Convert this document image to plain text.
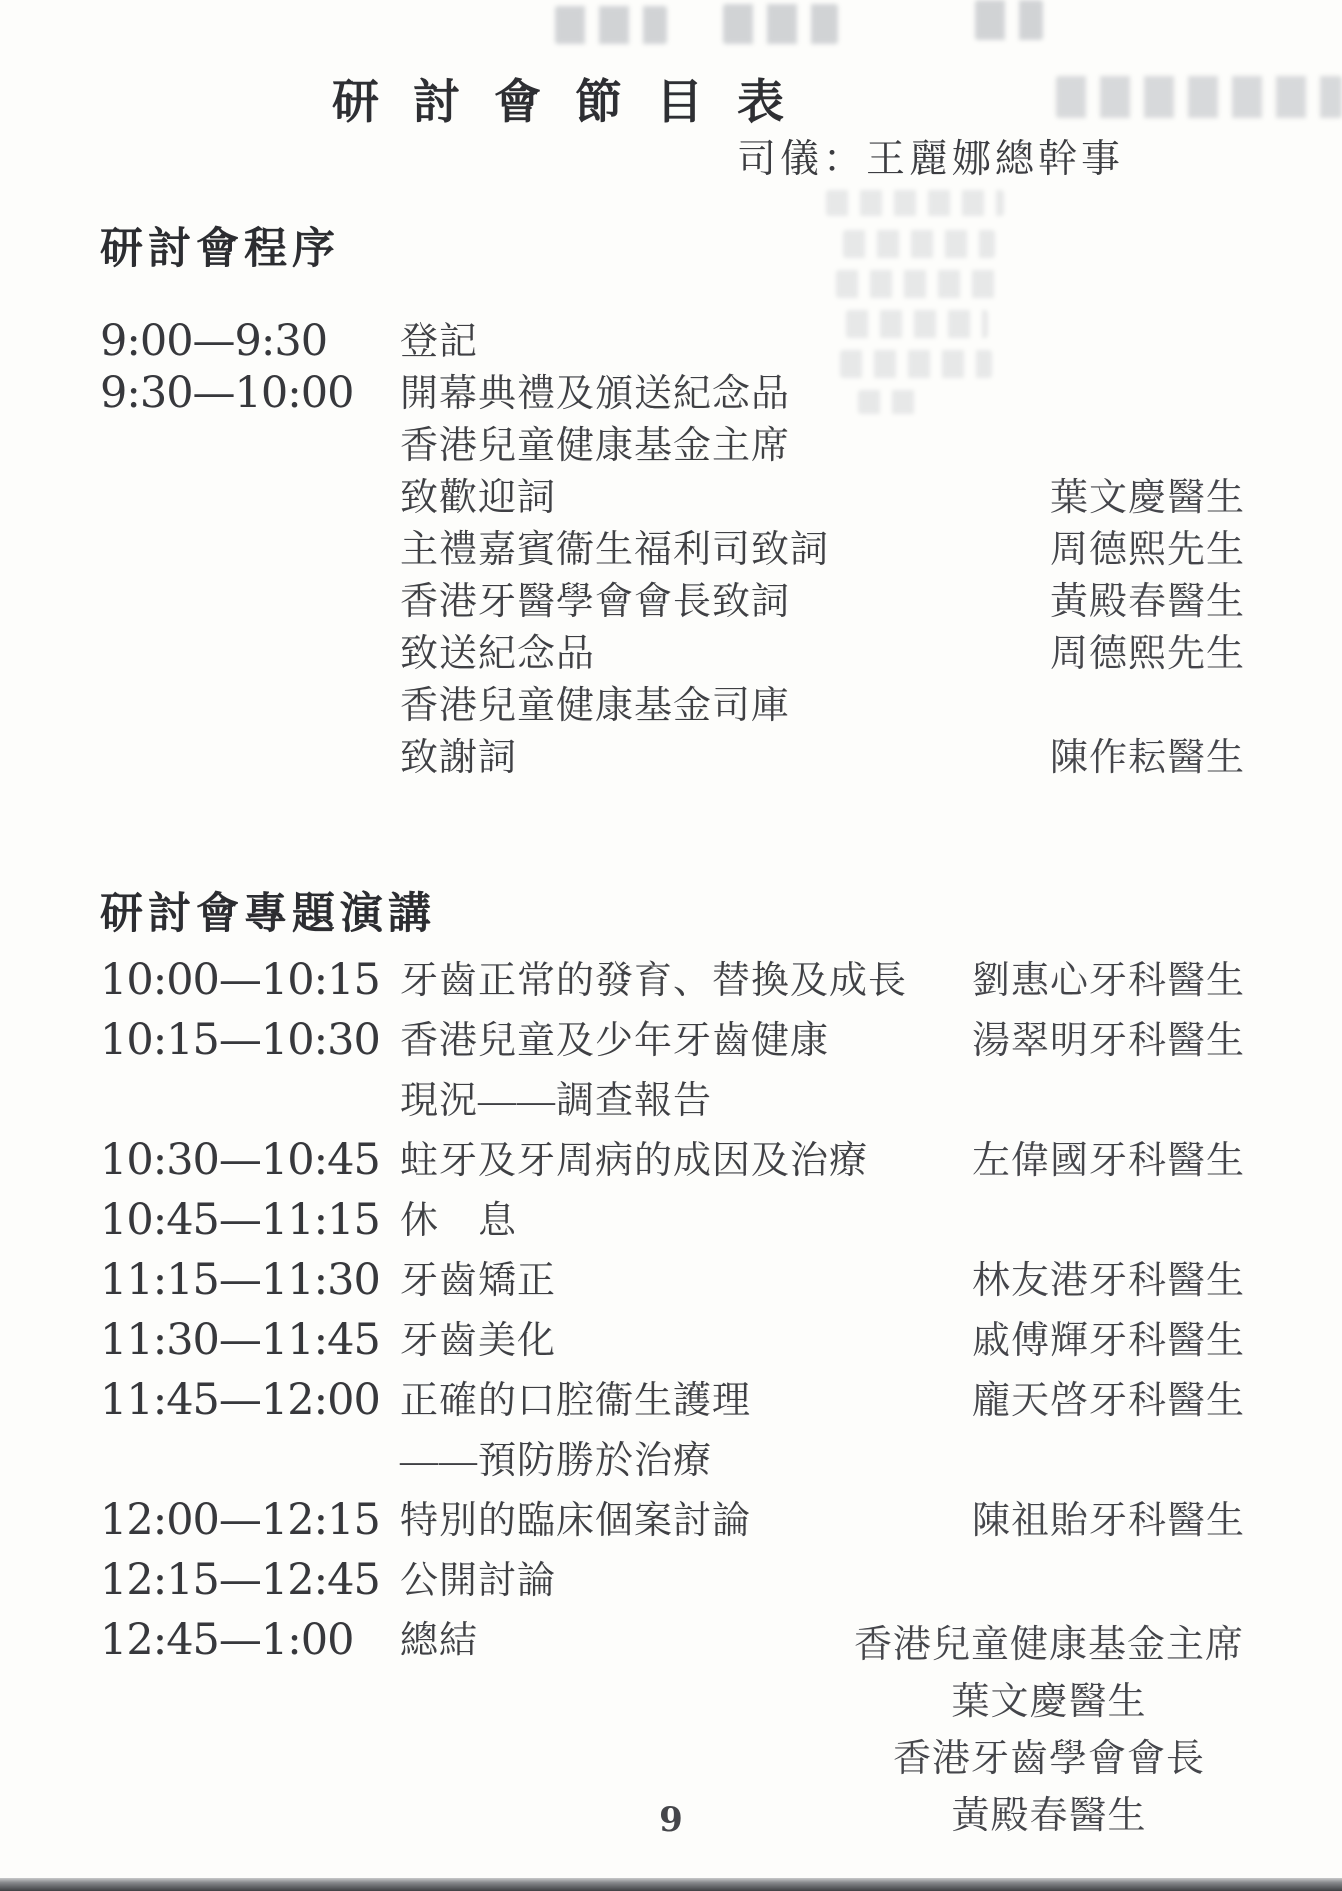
研討會節目表
司儀：王麗娜總幹事
研討會程序
9:00—9:30	登記
9:30—10:00	開幕典禮及頒送紀念品
香港兒童健康基金主席
致歡迎詞	葉文慶醫生
主禮嘉賓衞生福利司致詞	周德熙先生
香港牙醫學會會長致詞	黃殿春醫生
致送紀念品	周德熙先生
香港兒童健康基金司庫
致謝詞	陳作耘醫生
研討會專題演講
10:00—10:15 牙齒正常的發育、替換及成長	劉惠心牙科醫生
10:15—10:30 香港兒童及少年牙齒健康	湯翠明牙科醫生
現況——調查報告
10:30—10:45 蛀牙及牙周病的成因及治療	左偉國牙科醫生
10:45—11:15 休　息
11:15—11:30 牙齒矯正	林友港牙科醫生
11:30—11:45 牙齒美化	戚傅輝牙科醫生
11:45—12:00 正確的口腔衞生護理	龐天啓牙科醫生
——預防勝於治療
12:00—12:15 特別的臨床個案討論	陳祖貽牙科醫生
12:15—12:45 公開討論
12:45—1:00	總結	香港兒童健康基金主席
葉文慶醫生
香港牙齒學會會長
黃殿春醫生
9
